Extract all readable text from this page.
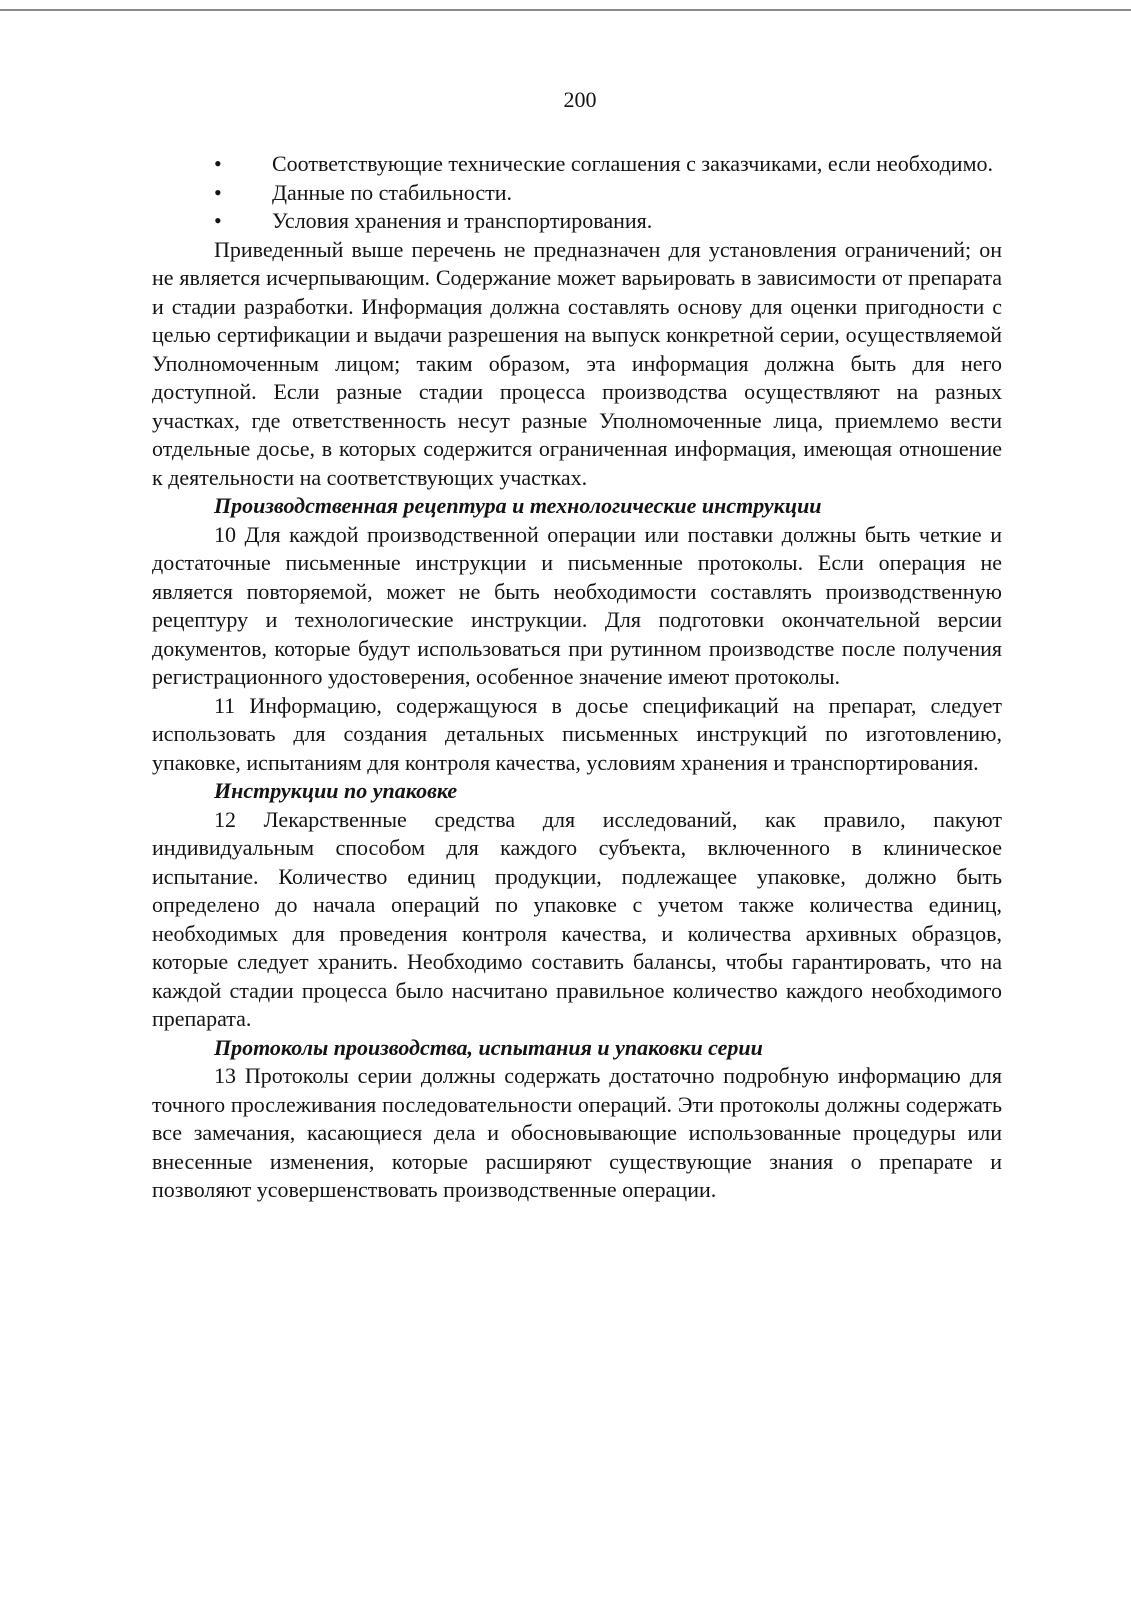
200

• Соответствующие технические соглашения с заказчиками, если необходимо.

• Данные по стабильности.

• Условия хранения и транспортирования.

Приведенный выше перечень не предназначен для установления ограничений; он не является исчерпывающим. Содержание может варьировать в зависимости от препарата и стадии разработки. Информация должна составлять основу для оценки пригодности с целью сертификации и выдачи разрешения на выпуск конкретной серии, осуществляемой Уполномоченным лицом; таким образом, эта информация должна быть для него доступной. Если разные стадии процесса производства осуществляют на разных участках, где ответственность несут разные Уполномоченные лица, приемлемо вести отдельные досье, в которых содержится ограниченная информация, имеющая отношение к деятельности на соответствующих участках.

Производственная рецептура и технологические инструкции

10 Для каждой производственной операции или поставки должны быть четкие и достаточные письменные инструкции и письменные протоколы. Если операция не является повторяемой, может не быть необходимости составлять производственную рецептуру и технологические инструкции. Для подготовки окончательной версии документов, которые будут использоваться при рутинном производстве после получения регистрационного удостоверения, особенное значение имеют протоколы.

11 Информацию, содержащуюся в досье спецификаций на препарат, следует использовать для создания детальных письменных инструкций по изготовлению, упаковке, испытаниям для контроля качества, условиям хранения и транспортирования.

Инструкции по упаковке

12 Лекарственные средства для исследований, как правило, пакуют индивидуальным способом для каждого субъекта, включенного в клиническое испытание. Количество единиц продукции, подлежащее упаковке, должно быть определено до начала операций по упаковке с учетом также количества единиц, необходимых для проведения контроля качества, и количества архивных образцов, которые следует хранить. Необходимо составить балансы, чтобы гарантировать, что на каждой стадии процесса было насчитано правильное количество каждого необходимого препарата.

Протоколы производства, испытания и упаковки серии

13 Протоколы серии должны содержать достаточно подробную информацию для точного прослеживания последовательности операций. Эти протоколы должны содержать все замечания, касающиеся дела и обосновывающие использованные процедуры или внесенные изменения, которые расширяют существующие знания о препарате и позволяют усовершенствовать производственные операции.
